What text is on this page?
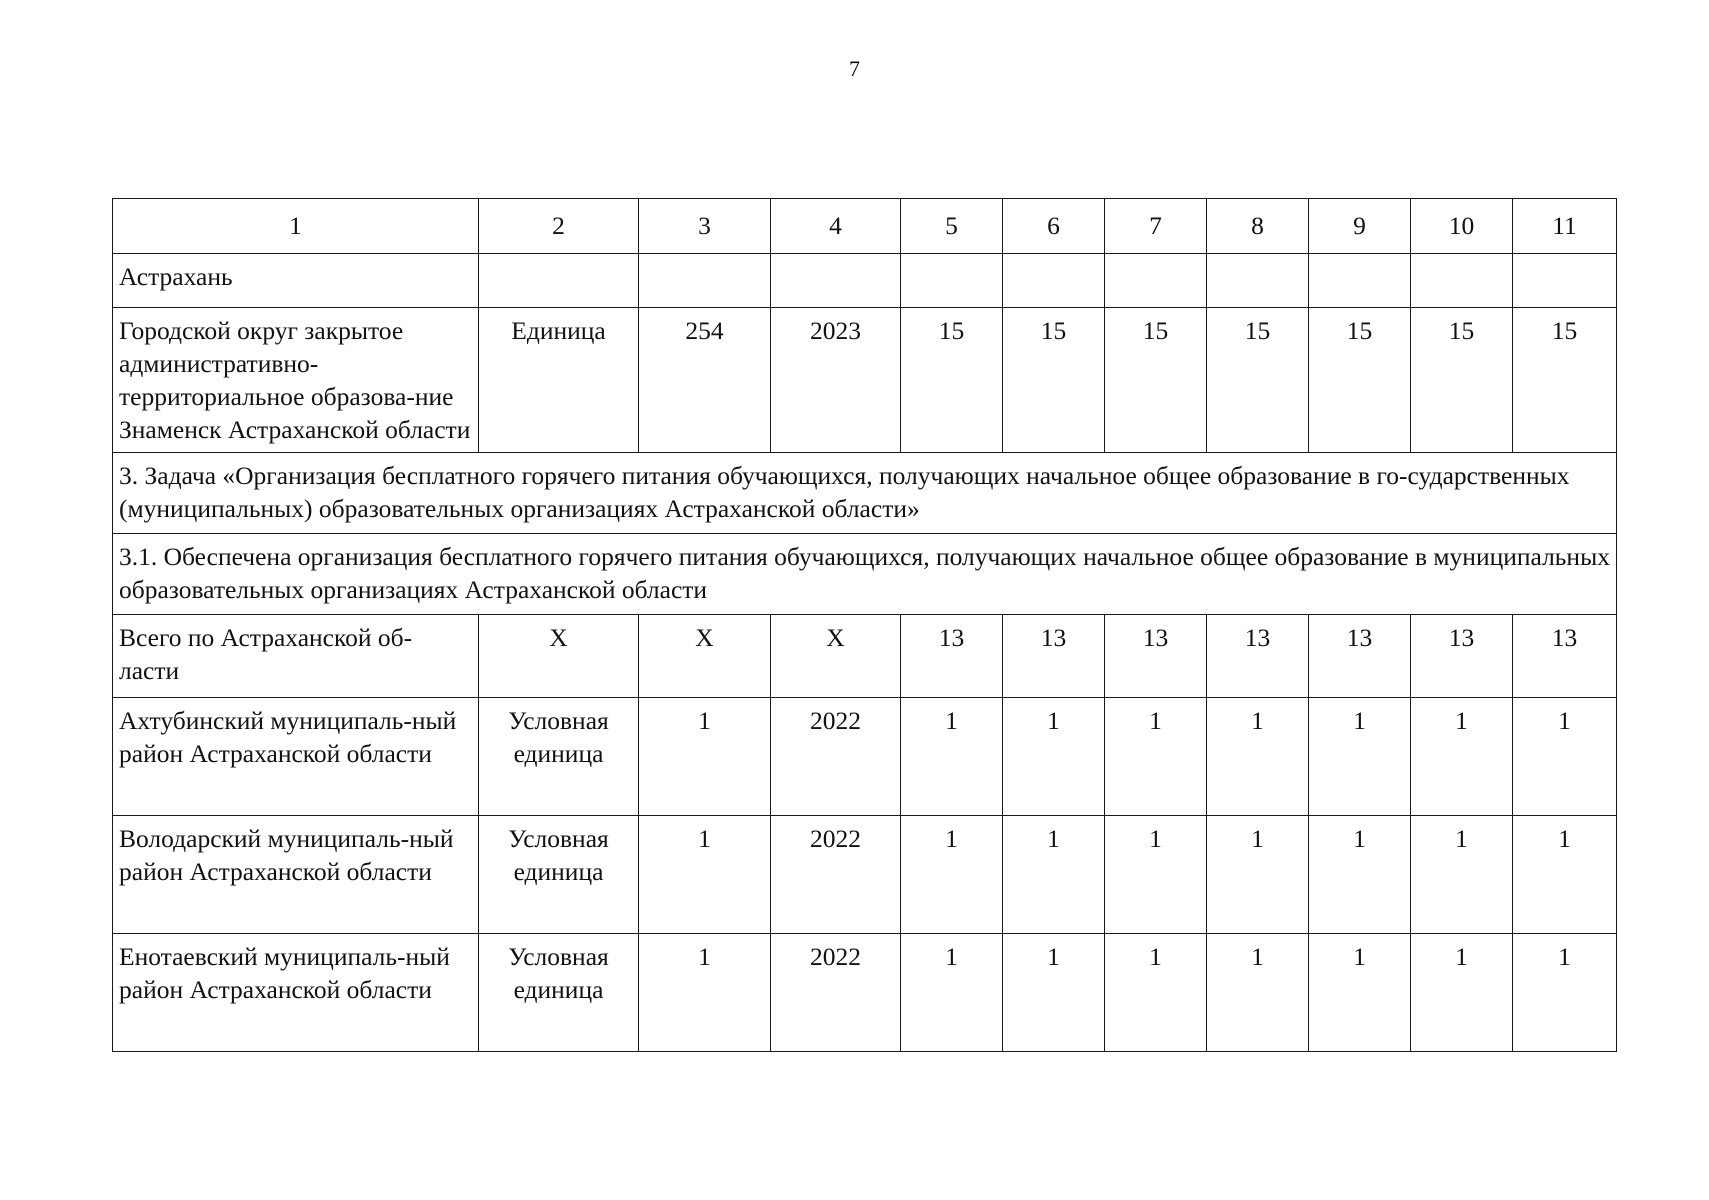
7
1	2	3	4	5	6	7	8	9	10	11
Астрахань										
Городской округ закрытое административно-территориальное образова-ние Знаменск Астраханской области	Единица	254	2023	15	15	15	15	15	15	15
3. Задача «Организация бесплатного горячего питания обучающихся, получающих начальное общее образование в го-сударственных (муниципальных) образовательных организациях Астраханской области»										
3.1. Обеспечена организация бесплатного горячего питания обучающихся, получающих начальное общее образование в муниципальных образовательных организациях Астраханской области										
Всего по Астраханской об-ласти	X	X	X	13	13	13	13	13	13	13
Ахтубинский муниципаль-ный район Астраханской области	Условная единица	1	2022	1	1	1	1	1	1	1
Володарский муниципаль-ный район Астраханской области	Условная единица	1	2022	1	1	1	1	1	1	1
Енотаевский муниципаль-ный район Астраханской области	Условная единица	1	2022	1	1	1	1	1	1	1
